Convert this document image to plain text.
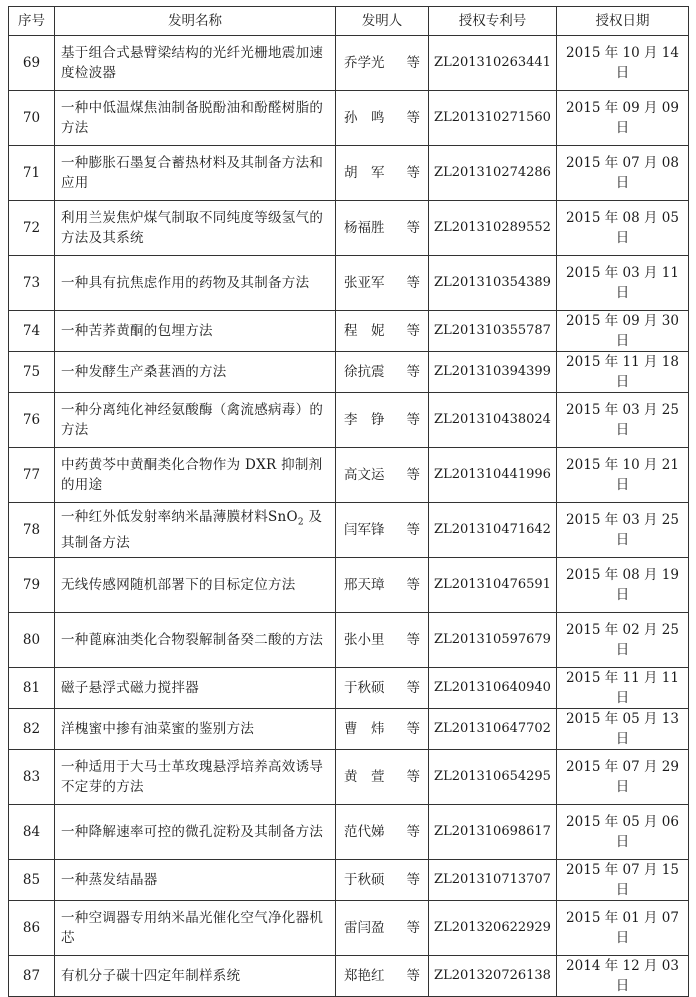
序号	发明名称	发明人	授权专利号	授权日期
69	基于组合式悬臂梁结构的光纤光栅地震加速度检波器	乔学光 等	ZL201310263441	2015 年 10 月 14 日
70	一种中低温煤焦油制备脱酚油和酚醛树脂的方法	孙　鸣 等	ZL201310271560	2015 年 09 月 09 日
71	一种膨胀石墨复合蓄热材料及其制备方法和应用	胡　军 等	ZL201310274286	2015 年 07 月 08 日
72	利用兰炭焦炉煤气制取不同纯度等级氢气的方法及其系统	杨福胜 等	ZL201310289552	2015 年 08 月 05 日
73	一种具有抗焦虑作用的药物及其制备方法	张亚军 等	ZL201310354389	2015 年 03 月 11 日
74	一种苦荞黄酮的包埋方法	程　妮 等	ZL201310355787	2015 年 09 月 30 日
75	一种发酵生产桑葚酒的方法	徐抗震 等	ZL201310394399	2015 年 11 月 18 日
76	一种分离纯化神经氨酸酶（禽流感病毒）的方法	李　铮 等	ZL201310438024	2015 年 03 月 25 日
77	中药黄芩中黄酮类化合物作为 DXR 抑制剂的用途	高文运 等	ZL201310441996	2015 年 10 月 21 日
78	一种红外低发射率纳米晶薄膜材料SnO$_2$ 及其制备方法	闫军锋 等	ZL201310471642	2015 年 03 月 25 日
79	无线传感网随机部署下的目标定位方法	邢天璋 等	ZL201310476591	2015 年 08 月 19 日
80	一种蓖麻油类化合物裂解制备癸二酸的方法	张小里 等	ZL201310597679	2015 年 02 月 25 日
81	磁子悬浮式磁力搅拌器	于秋硕 等	ZL201310640940	2015 年 11 月 11 日
82	洋槐蜜中掺有油菜蜜的鉴别方法	曹　炜 等	ZL201310647702	2015 年 05 月 13 日
83	一种适用于大马士革玫瑰悬浮培养高效诱导不定芽的方法	黄　萱 等	ZL201310654295	2015 年 07 月 29 日
84	一种降解速率可控的微孔淀粉及其制备方法	范代娣 等	ZL201310698617	2015 年 05 月 06 日
85	一种蒸发结晶器	于秋硕 等	ZL201310713707	2015 年 07 月 15 日
86	一种空调器专用纳米晶光催化空气净化器机芯	雷闫盈 等	ZL201320622929	2015 年 01 月 07 日
87	有机分子碳十四定年制样系统	郑艳红 等	ZL201320726138	2014 年 12 月 03 日
